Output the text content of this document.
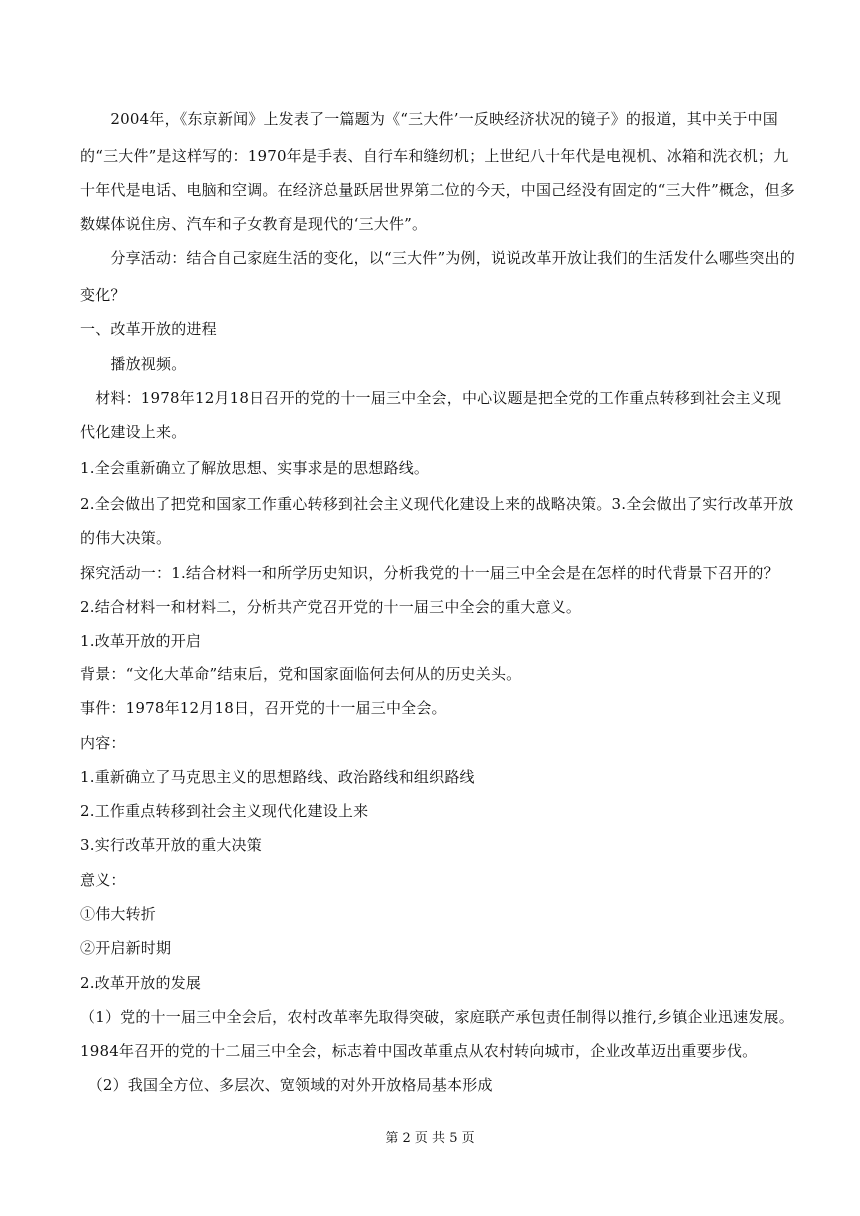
　　2004年，《东京新闻》上发表了一篇题为《“三大件’一反映经济状况的镜子》的报道，其中关于中国
的“三大件”是这样写的：1970年是手表、自行车和缝纫机；上世纪八十年代是电视机、冰箱和洗衣机；九
十年代是电话、电脑和空调。在经济总量跃居世界第二位的今天，中国己经没有固定的“三大件”概念，但多
数媒体说住房、汽车和子女教育是现代的‘三大件”。
　　分享活动：结合自己家庭生活的变化，以“三大件”为例，说说改革开放让我们的生活发什么哪些突出的
变化？
一、改革开放的进程
　　播放视频。
　材料：1978年12月18日召开的党的十一届三中全会，中心议题是把全党的工作重点转移到社会主义现
代化建设上来。
1.全会重新确立了解放思想、实事求是的思想路线。
2.全会做出了把党和国家工作重心转移到社会主义现代化建设上来的战略决策。3.全会做出了实行改革开放
的伟大决策。
探究活动一：1.结合材料一和所学历史知识，分析我党的十一届三中全会是在怎样的时代背景下召开的？
2.结合材料一和材料二，分析共产党召开党的十一届三中全会的重大意义。
1.改革开放的开启
背景：“文化大革命”结束后，党和国家面临何去何从的历史关头。
事件：1978年12月18日，召开党的十一届三中全会。
内容：
1.重新确立了马克思主义的思想路线、政治路线和组织路线
2.工作重点转移到社会主义现代化建设上来
3.实行改革开放的重大决策
意义：
①伟大转折
②开启新时期
2.改革开放的发展
（1）党的十一届三中全会后，农村改革率先取得突破，家庭联产承包责任制得以推行,乡镇企业迅速发展。
1984年召开的党的十二届三中全会，标志着中国改革重点从农村转向城市，企业改革迈出重要步伐。
　（2）我国全方位、多层次、宽领域的对外开放格局基本形成
第 2 页 共 5 页
